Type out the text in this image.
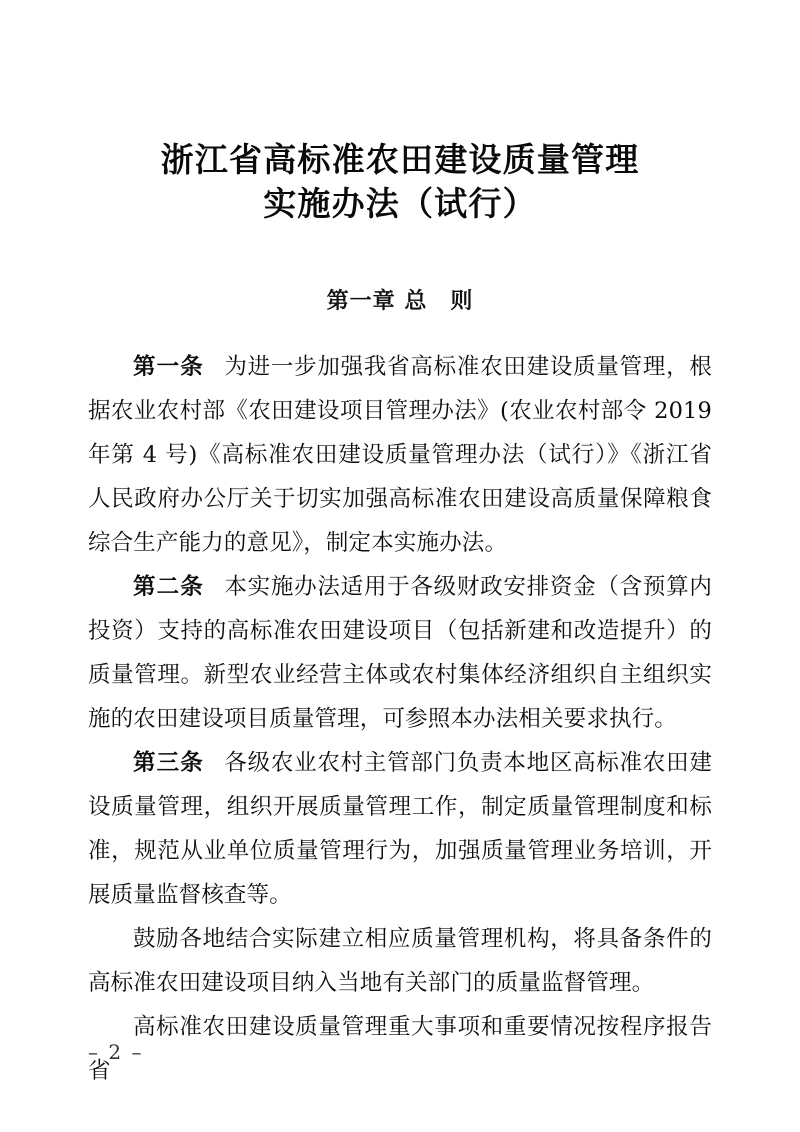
浙江省高标准农田建设质量管理
实施办法（试行）
第一章 总　则

第一条 为进一步加强我省高标准农田建设质量管理，根据农业农村部《农田建设项目管理办法》(农业农村部令 2019 年第 4 号)《高标准农田建设质量管理办法（试行）》《浙江省人民政府办公厅关于切实加强高标准农田建设高质量保障粮食综合生产能力的意见》，制定本实施办法。

第二条 本实施办法适用于各级财政安排资金（含预算内投资）支持的高标准农田建设项目（包括新建和改造提升）的质量管理。新型农业经营主体或农村集体经济组织自主组织实施的农田建设项目质量管理，可参照本办法相关要求执行。

第三条 各级农业农村主管部门负责本地区高标准农田建设质量管理，组织开展质量管理工作，制定质量管理制度和标准，规范从业单位质量管理行为，加强质量管理业务培训，开展质量监督核查等。

鼓励各地结合实际建立相应质量管理机构，将具备条件的高标准农田建设项目纳入当地有关部门的质量监督管理。

高标准农田建设质量管理重大事项和重要情况按程序报告省

– 2 –
